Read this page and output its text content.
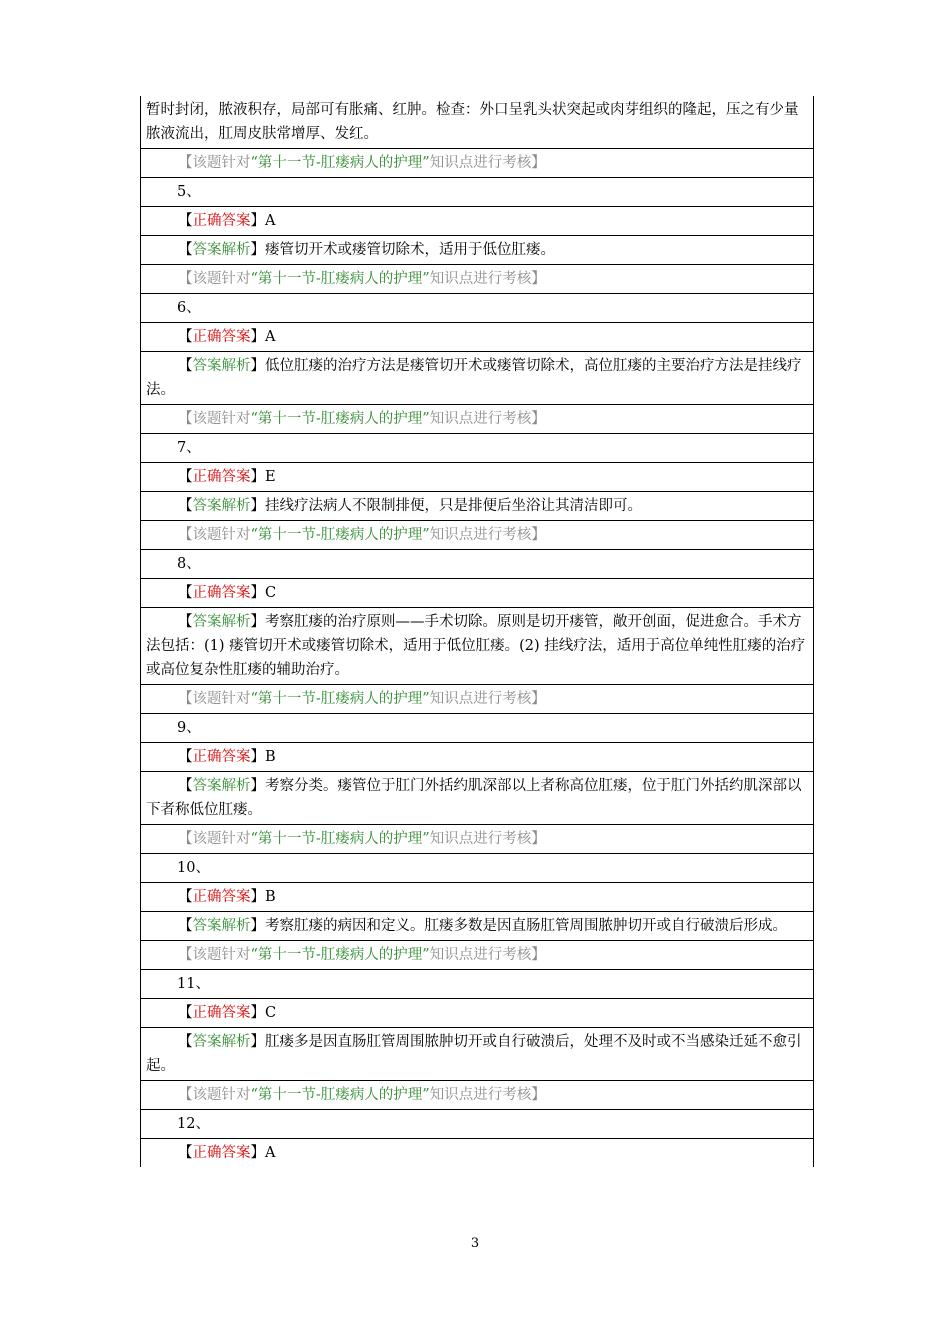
暂时封闭，脓液积存，局部可有胀痛、红肿。检查：外口呈乳头状突起或肉芽组织的隆起，压之有少量脓液流出，肛周皮肤常增厚、发红。
【该题针对“第十一节-肛瘘病人的护理”知识点进行考核】
5、
【正确答案】A
【答案解析】瘘管切开术或瘘管切除术，适用于低位肛瘘。
【该题针对“第十一节-肛瘘病人的护理”知识点进行考核】
6、
【正确答案】A
【答案解析】低位肛瘘的治疗方法是瘘管切开术或瘘管切除术，高位肛瘘的主要治疗方法是挂线疗法。
【该题针对“第十一节-肛瘘病人的护理”知识点进行考核】
7、
【正确答案】E
【答案解析】挂线疗法病人不限制排便，只是排便后坐浴让其清洁即可。
【该题针对“第十一节-肛瘘病人的护理”知识点进行考核】
8、
【正确答案】C
【答案解析】考察肛瘘的治疗原则——手术切除。原则是切开瘘管，敞开创面，促进愈合。手术方法包括：(1) 瘘管切开术或瘘管切除术，适用于低位肛瘘。(2) 挂线疗法，适用于高位单纯性肛瘘的治疗或高位复杂性肛瘘的辅助治疗。
【该题针对“第十一节-肛瘘病人的护理”知识点进行考核】
9、
【正确答案】B
【答案解析】考察分类。瘘管位于肛门外括约肌深部以上者称高位肛瘘，位于肛门外括约肌深部以下者称低位肛瘘。
【该题针对“第十一节-肛瘘病人的护理”知识点进行考核】
10、
【正确答案】B
【答案解析】考察肛瘘的病因和定义。肛瘘多数是因直肠肛管周围脓肿切开或自行破溃后形成。
【该题针对“第十一节-肛瘘病人的护理”知识点进行考核】
11、
【正确答案】C
【答案解析】肛瘘多是因直肠肛管周围脓肿切开或自行破溃后，处理不及时或不当感染迁延不愈引起。
【该题针对“第十一节-肛瘘病人的护理”知识点进行考核】
12、
【正确答案】A
3
